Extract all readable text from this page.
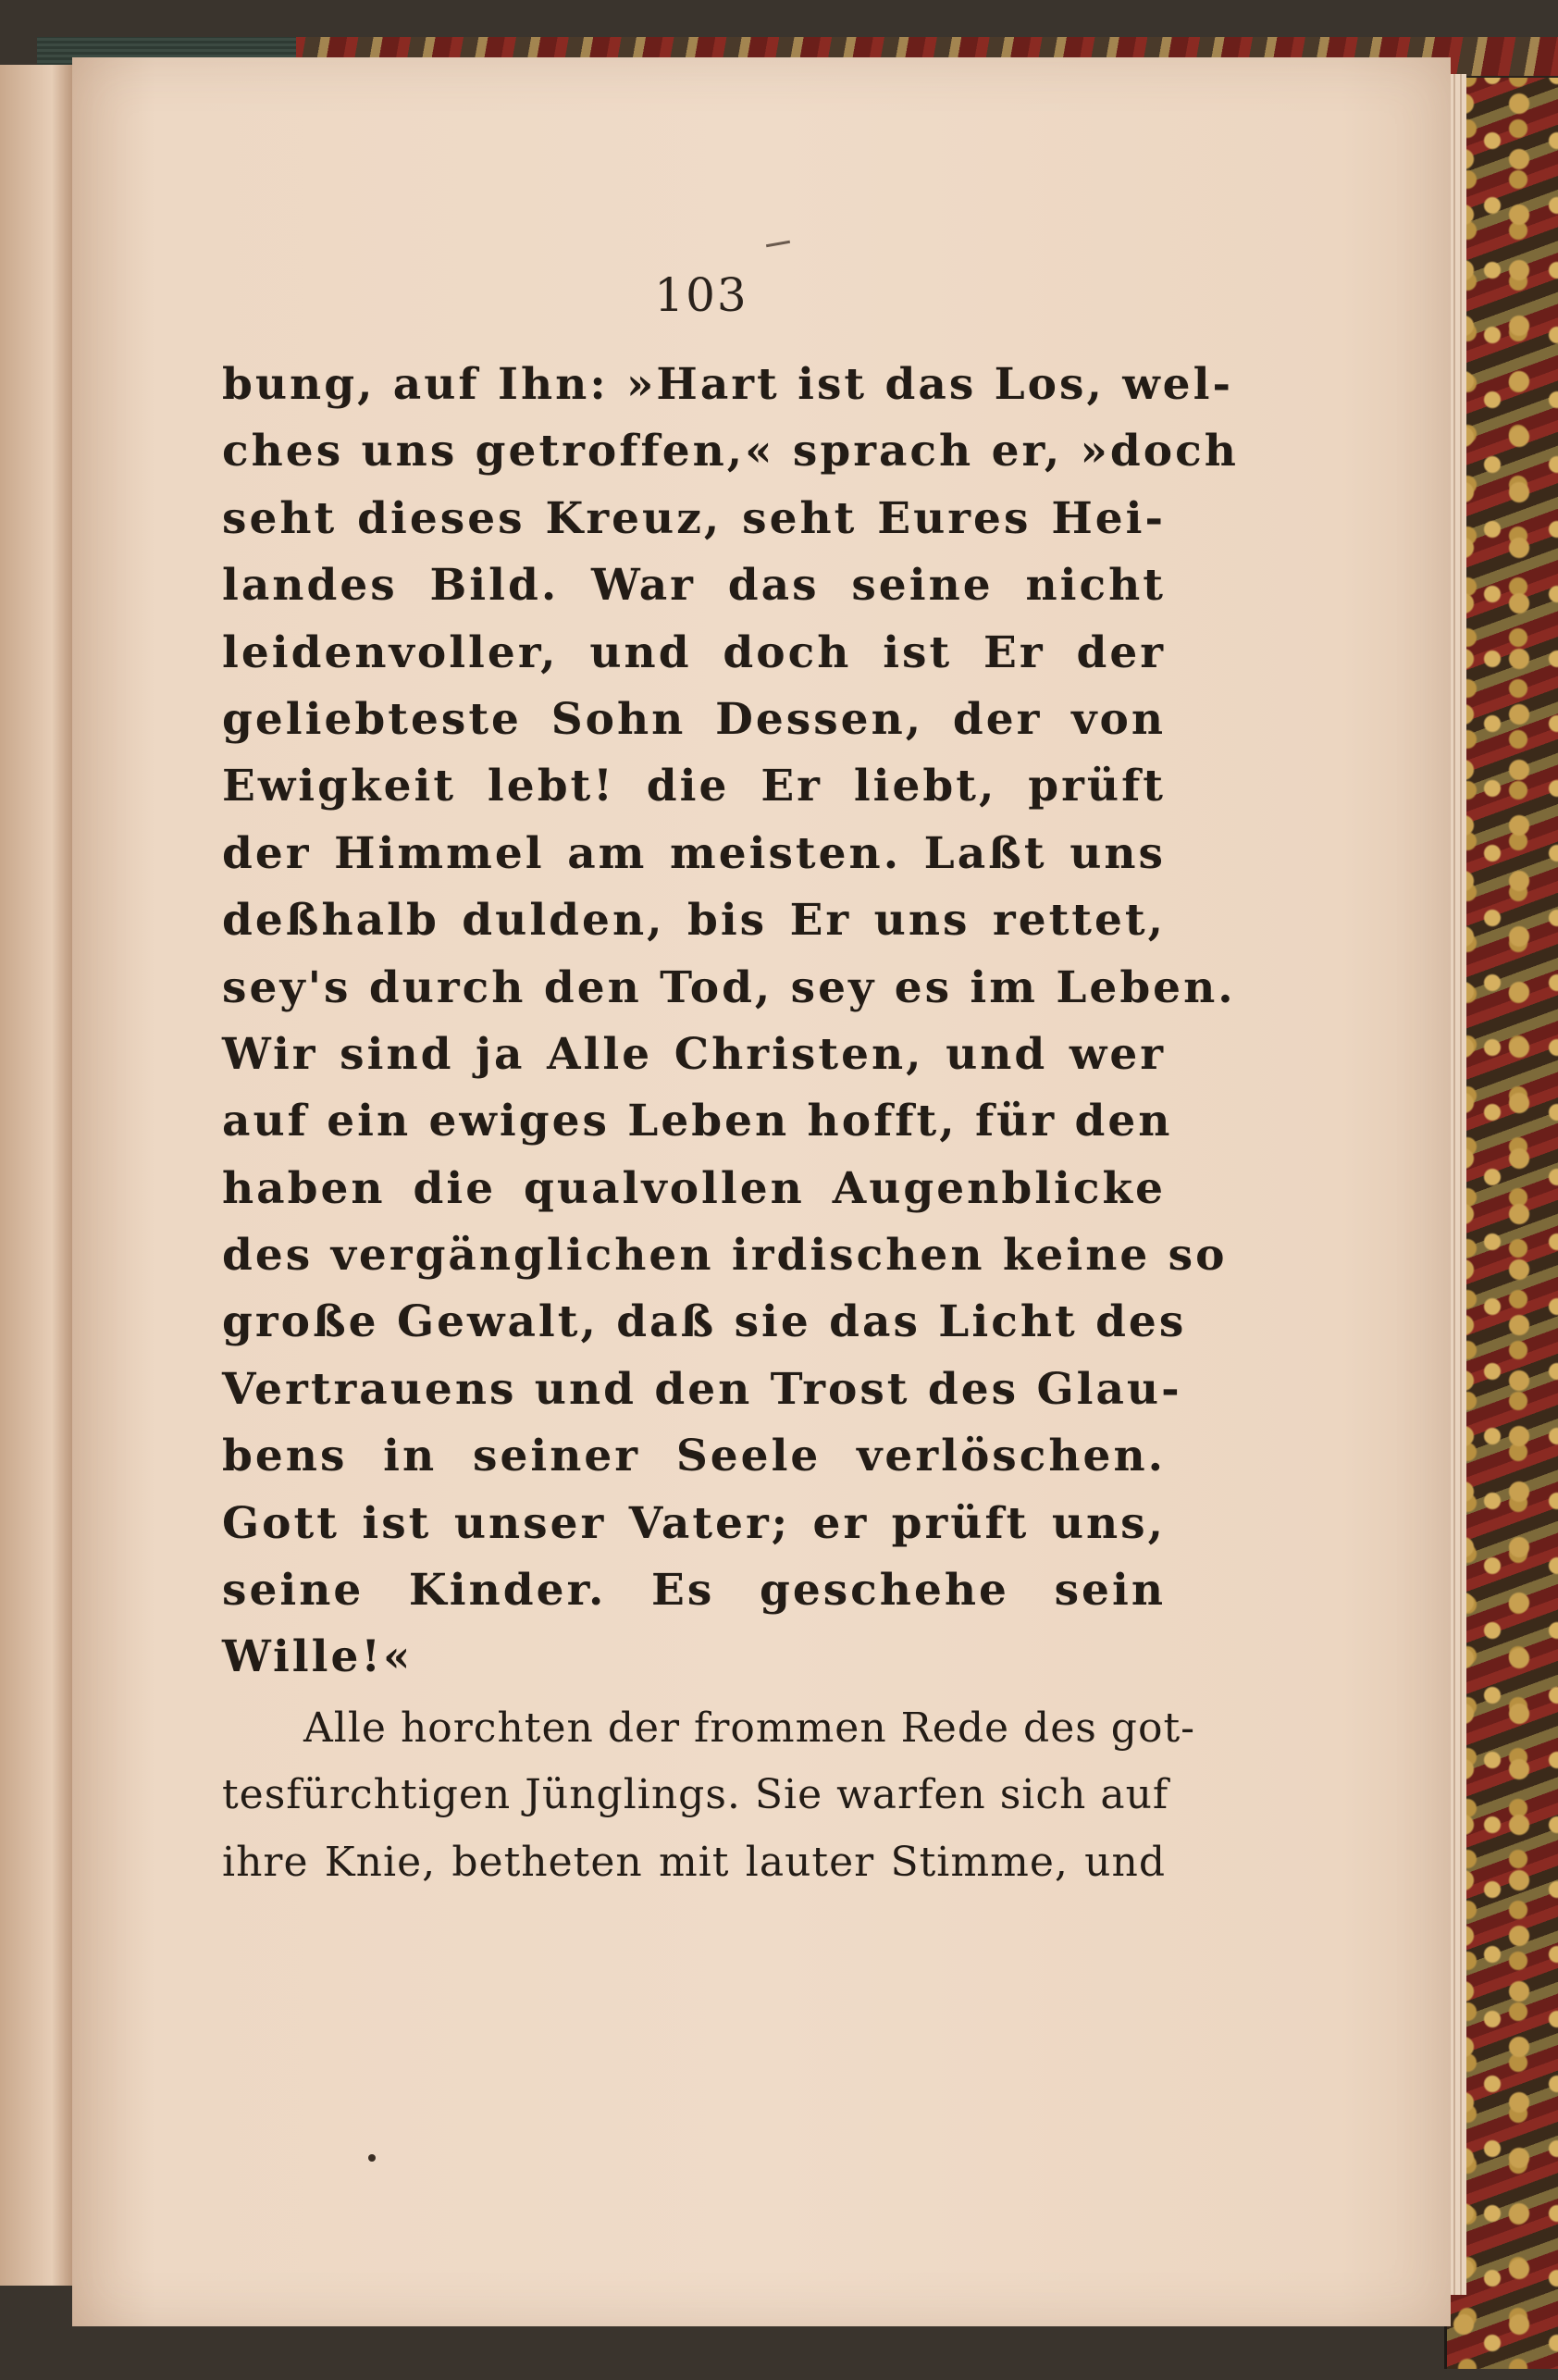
103
bung, auf Ihn: »Hart ist das Los, wel-
ches uns getroffen,« sprach er, »doch
seht dieses Kreuz, seht Eures Hei-
landes Bild. War das seine nicht
leidenvoller, und doch ist Er der
geliebteste Sohn Dessen, der von
Ewigkeit lebt! die Er liebt, prüft
der Himmel am meisten. Laßt uns
deßhalb dulden, bis Er uns rettet,
sey's durch den Tod, sey es im Leben.
Wir sind ja Alle Christen, und wer
auf ein ewiges Leben hofft, für den
haben die qualvollen Augenblicke
des vergänglichen irdischen keine so
große Gewalt, daß sie das Licht des
Vertrauens und den Trost des Glau-
bens in seiner Seele verlöschen.
Gott ist unser Vater; er prüft uns,
seine Kinder. Es geschehe sein
Wille!«
Alle horchten der frommen Rede des got-
tesfürchtigen Jünglings. Sie warfen sich auf
ihre Knie, betheten mit lauter Stimme, und
